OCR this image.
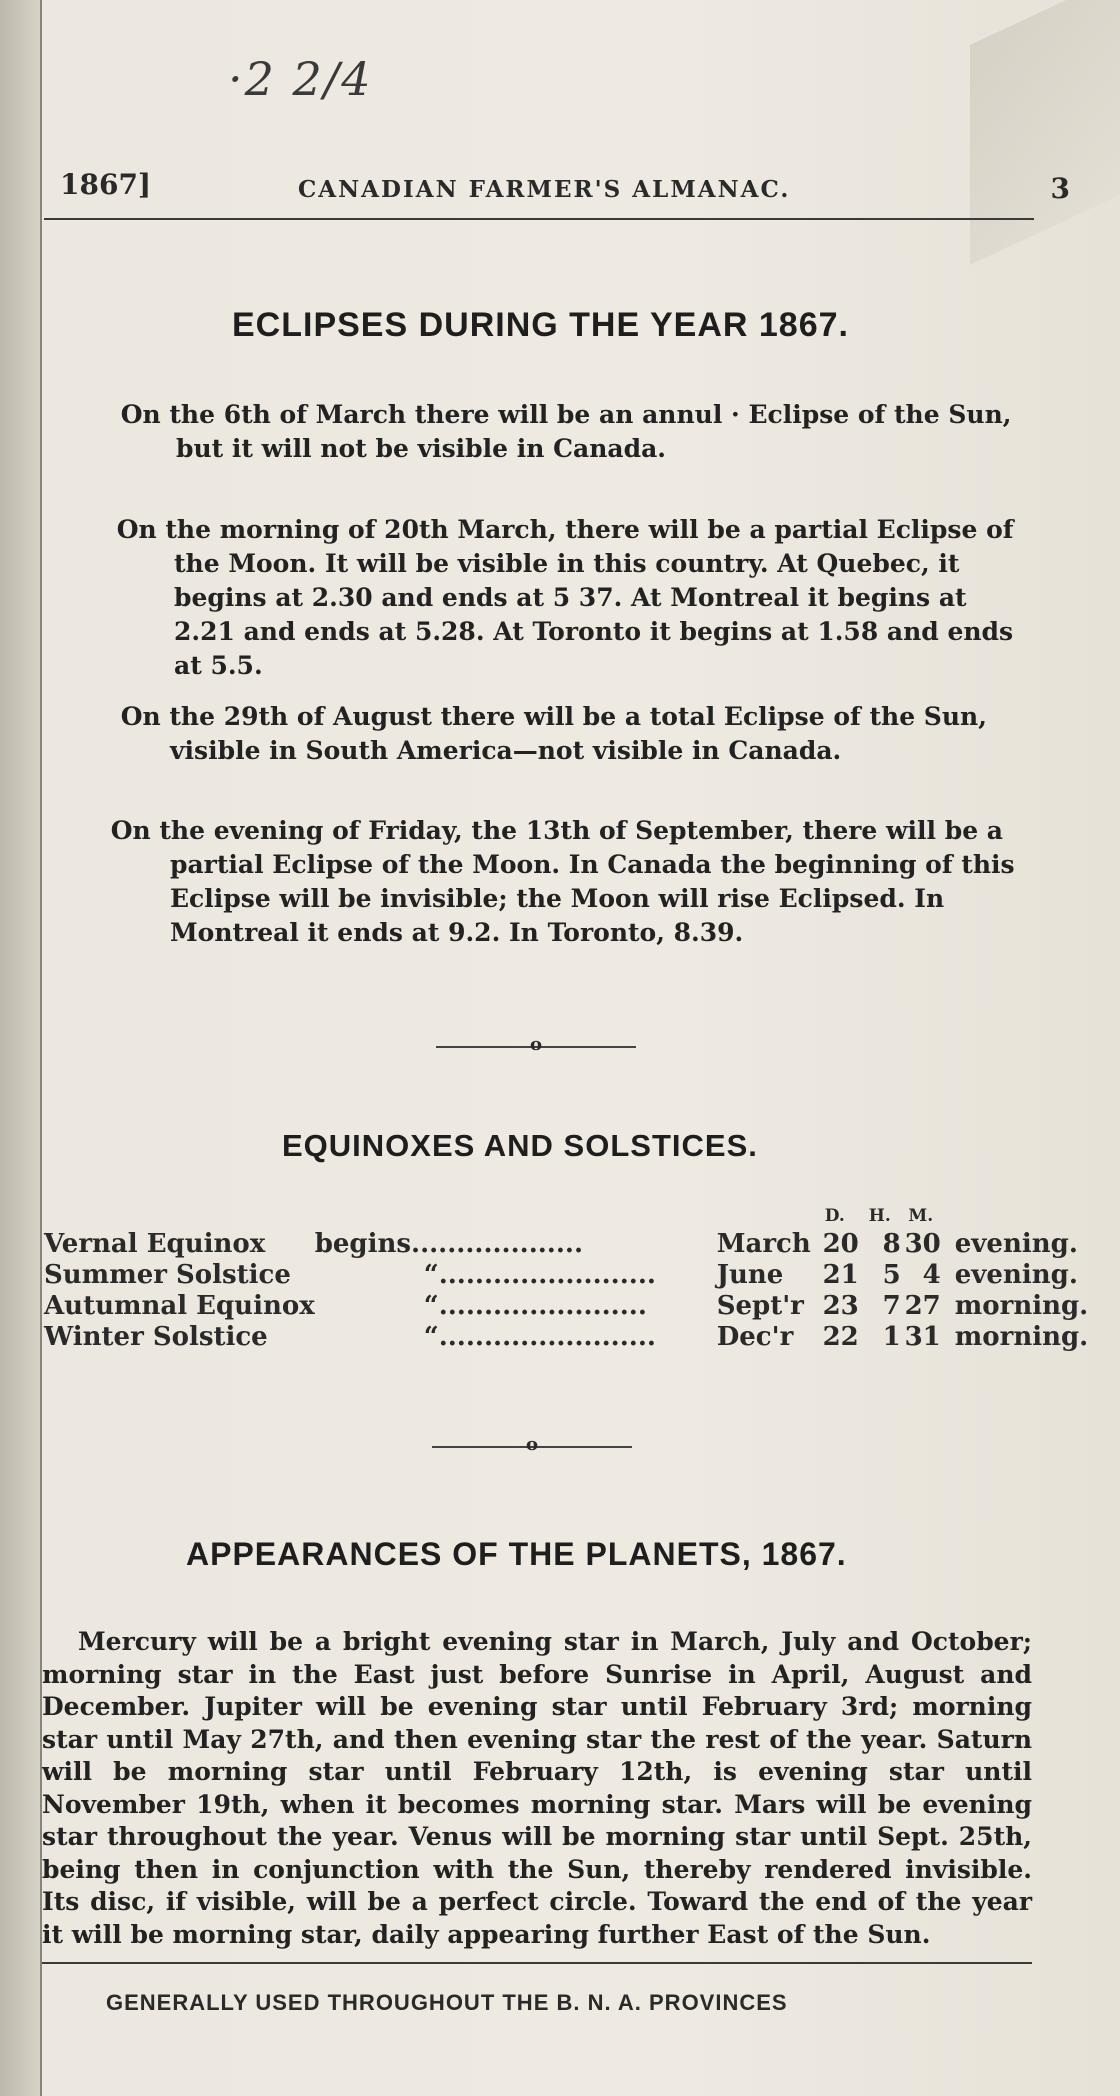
·2 2/4
1867]	CANADIAN FARMER'S ALMANAC.	3
ECLIPSES DURING THE YEAR 1867.
On the 6th of March there will be an annul · Eclipse of the Sun, but it will not be visible in Canada.
On the morning of 20th March, there will be a partial Eclipse of the Moon. It will be visible in this country. At Quebec, it begins at 2.30 and ends at 5 37. At Montreal it begins at 2.21 and ends at 5.28. At Toronto it begins at 1.58 and ends at 5.5.
On the 29th of August there will be a total Eclipse of the Sun, visible in South America—not visible in Canada.
On the evening of Friday, the 13th of September, there will be a partial Eclipse of the Moon. In Canada the beginning of this Eclipse will be invisible; the Moon will rise Eclipsed. In Montreal it ends at 9.2. In Toronto, 8.39.
o
EQUINOXES AND SOLSTICES.
			D.	H.	M.	
Vernal Equinox	begins...................	March	20	8	30	evening.
Summer Solstice	“........................	June	21	5	4	evening.
Autumnal Equinox	“.......................	Sept'r	23	7	27	morning.
Winter Solstice	“........................	Dec'r	22	1	31	morning.
o
APPEARANCES OF THE PLANETS, 1867.
Mercury will be a bright evening star in March, July and October; morning star in the East just before Sunrise in April, August and December. Jupiter will be evening star until February 3rd; morning star until May 27th, and then evening star the rest of the year. Saturn will be morning star until February 12th, is evening star until November 19th, when it becomes morning star. Mars will be evening star throughout the year. Venus will be morning star until Sept. 25th, being then in conjunction with the Sun, thereby rendered invisible. Its disc, if visible, will be a perfect circle. Toward the end of the year it will be morning star, daily appearing further East of the Sun.
GENERALLY USED THROUGHOUT THE B. N. A. PROVINCES
